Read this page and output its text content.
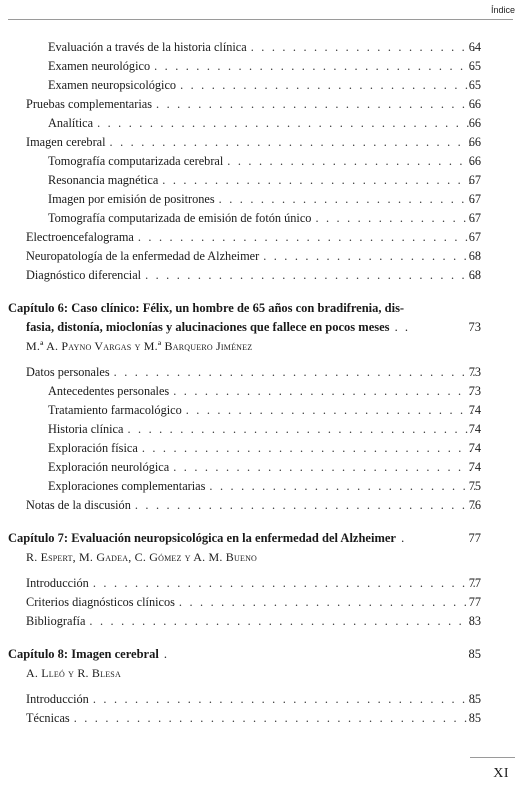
Índice
Evaluación a través de la historia clínica . . .	64
Examen neurológico . . .	65
Examen neuropsicológico . . .	65
Pruebas complementarias . . .	66
Analítica . . .	66
Imagen cerebral . . .	66
Tomografía computarizada cerebral . . .	66
Resonancia magnética . . .	67
Imagen por emisión de positrones . . .	67
Tomografía computarizada de emisión de fotón único . . .	67
Electroencefalograma . . .	67
Neuropatología de la enfermedad de Alzheimer . . .	68
Diagnóstico diferencial . . .	68
Capítulo 6: Caso clínico: Félix, un hombre de 65 años con bradifrenia, dis-
fasia, distonía, mioclonías y alucinaciones que fallece en pocos meses . .	73
M.ª A. Payno Vargas y M.ª Barquero Jiménez
Datos personales . . .	73
Antecedentes personales . . .	73
Tratamiento farmacológico . . .	74
Historia clínica . . .	74
Exploración física . . .	74
Exploración neurológica . . .	74
Exploraciones complementarias . . .	75
Notas de la discusión . . .	76
Capítulo 7: Evaluación neuropsicológica en la enfermedad del Alzheimer .	77
R. Espert, M. Gadea, C. Gómez y A. M. Bueno
Introducción . . .	77
Criterios diagnósticos clínicos . . .	77
Bibliografía . . .	83
Capítulo 8: Imagen cerebral .	85
A. Lleó y R. Blesa
Introducción . . .	85
Técnicas . . .	85
XI
